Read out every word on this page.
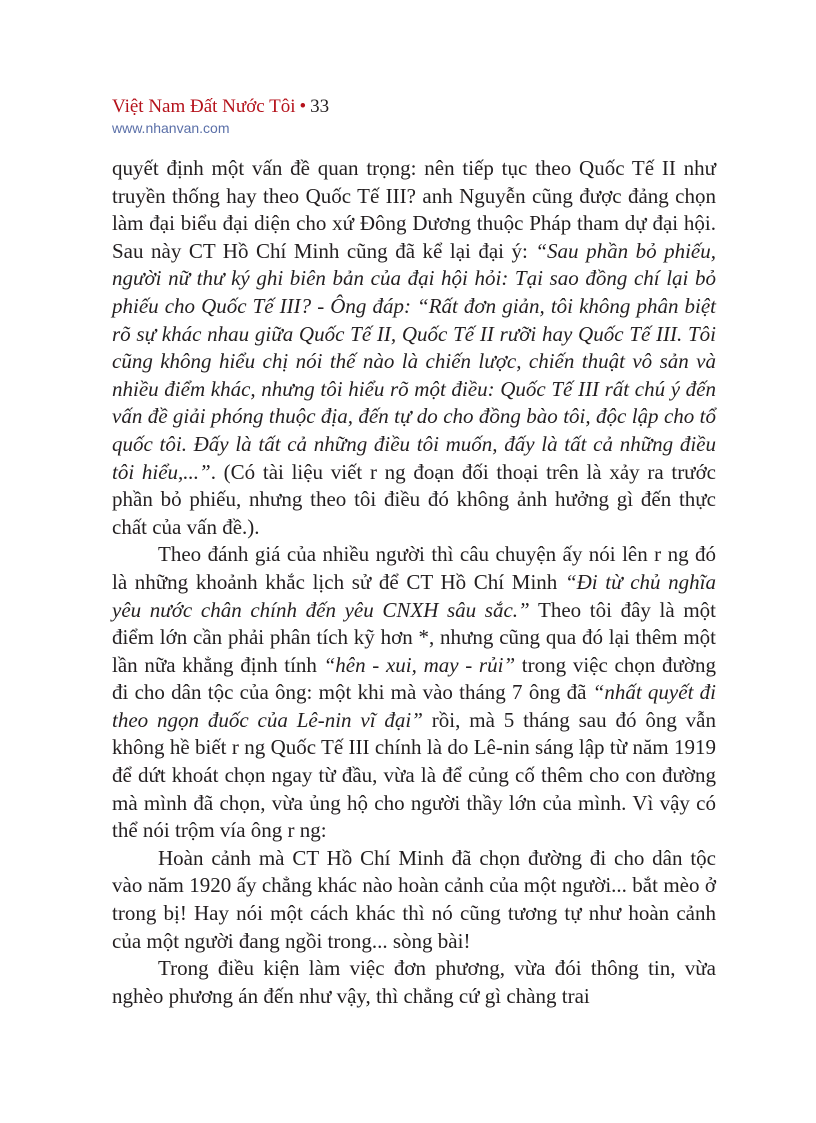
Việt Nam Đất Nước Tôi • 33
www.nhanvan.com

quyết định một vấn đề quan trọng: nên tiếp tục theo Quốc Tế II như truyền thống hay theo Quốc Tế III? anh Nguyễn cũng được đảng chọn làm đại biểu đại diện cho xứ Đông Dương thuộc Pháp tham dự đại hội. Sau này CT Hồ Chí Minh cũng đã kể lại đại ý: “Sau phần bỏ phiếu, người nữ thư ký ghi biên bản của đại hội hỏi: Tại sao đồng chí lại bỏ phiếu cho Quốc Tế III? - Ông đáp: “Rất đơn giản, tôi không phân biệt rõ sự khác nhau giữa Quốc Tế II, Quốc Tế II rưỡi hay Quốc Tế III. Tôi cũng không hiểu chị nói thế nào là chiến lược, chiến thuật vô sản và nhiều điểm khác, nhưng tôi hiểu rõ một điều: Quốc Tế III rất chú ý đến vấn đề giải phóng thuộc địa, đến tự do cho đồng bào tôi, độc lập cho tổ quốc tôi. Đấy là tất cả những điều tôi muốn, đấy là tất cả những điều tôi hiểu,...”. (Có tài liệu viết r ng đoạn đối thoại trên là xảy ra trước phần bỏ phiếu, nhưng theo tôi điều đó không ảnh hưởng gì đến thực chất của vấn đề.).

Theo đánh giá của nhiều người thì câu chuyện ấy nói lên r ng đó là những khoảnh khắc lịch sử để CT Hồ Chí Minh “Đi từ chủ nghĩa yêu nước chân chính đến yêu CNXH sâu sắc.” Theo tôi đây là một điểm lớn cần phải phân tích kỹ hơn *, nhưng cũng qua đó lại thêm một lần nữa khẳng định tính “hên - xui, may - rủi” trong việc chọn đường đi cho dân tộc của ông: một khi mà vào tháng 7 ông đã “nhất quyết đi theo ngọn đuốc của Lê-nin vĩ đại” rồi, mà 5 tháng sau đó ông vẫn không hề biết r ng Quốc Tế III chính là do Lê-nin sáng lập từ năm 1919 để dứt khoát chọn ngay từ đầu, vừa là để củng cố thêm cho con đường mà mình đã chọn, vừa ủng hộ cho người thầy lớn của mình. Vì vậy có thể nói trộm vía ông r ng:

Hoàn cảnh mà CT Hồ Chí Minh đã chọn đường đi cho dân tộc vào năm 1920 ấy chẳng khác nào hoàn cảnh của một người... bắt mèo ở trong bị! Hay nói một cách khác thì nó cũng tương tự như hoàn cảnh của một người đang ngồi trong... sòng bài!

Trong điều kiện làm việc đơn phương, vừa đói thông tin, vừa nghèo phương án đến như vậy, thì chẳng cứ gì chàng trai
